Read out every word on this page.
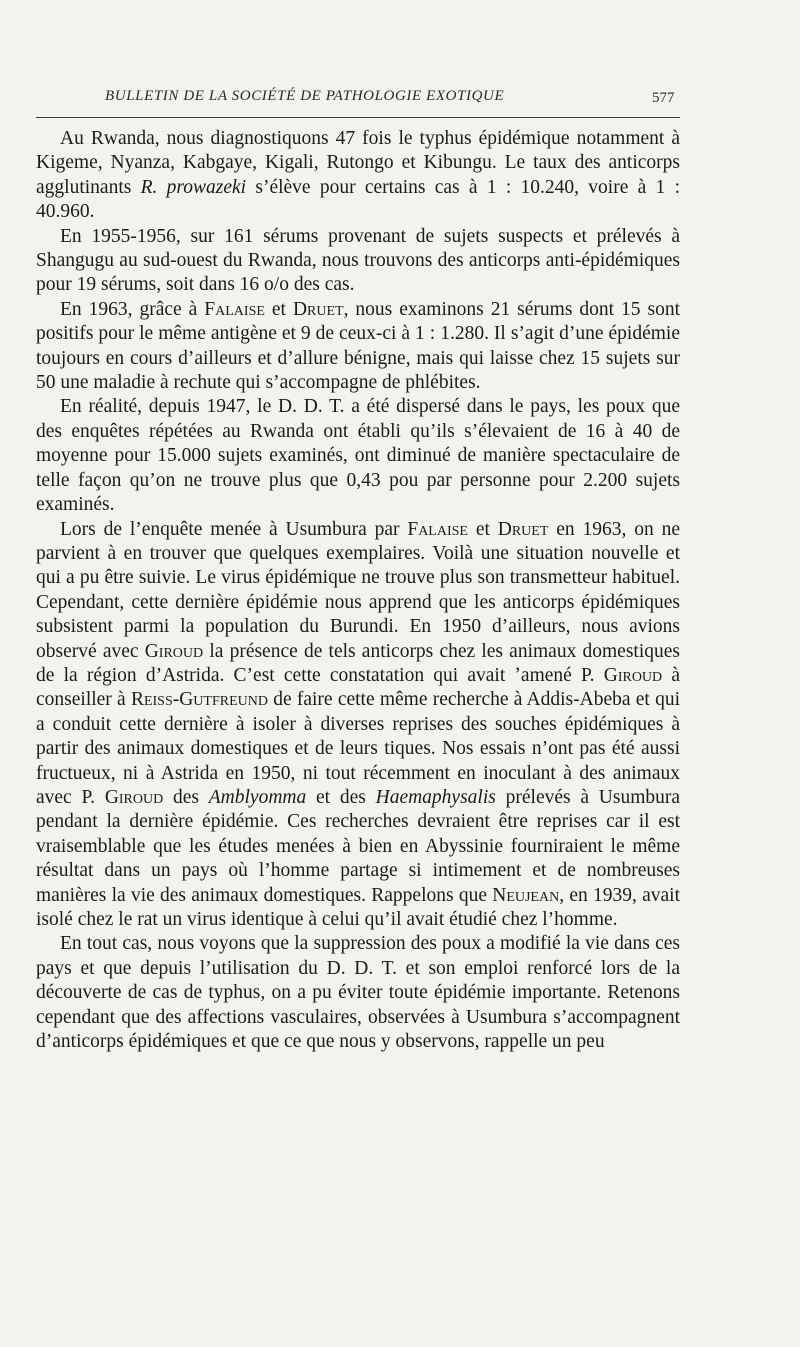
BULLETIN DE LA SOCIÉTÉ DE PATHOLOGIE EXOTIQUE	577

Au Rwanda, nous diagnostiquons 47 fois le typhus épidémique notamment à Kigeme, Nyanza, Kabgaye, Kigali, Rutongo et Kibungu. Le taux des anticorps agglutinants R. prowazeki s’élève pour certains cas à 1 : 10.240, voire à 1 : 40.960.

En 1955-1956, sur 161 sérums provenant de sujets suspects et prélevés à Shangugu au sud-ouest du Rwanda, nous trouvons des anticorps anti-épidémiques pour 19 sérums, soit dans 16 o/o des cas.

En 1963, grâce à Falaise et Druet, nous examinons 21 sérums dont 15 sont positifs pour le même antigène et 9 de ceux-ci à 1 : 1.280. Il s’agit d’une épidémie toujours en cours d’ailleurs et d’allure bénigne, mais qui laisse chez 15 sujets sur 50 une maladie à rechute qui s’accompagne de phlébites.

En réalité, depuis 1947, le D. D. T. a été dispersé dans le pays, les poux que des enquêtes répétées au Rwanda ont établi qu’ils s’élevaient de 16 à 40 de moyenne pour 15.000 sujets examinés, ont diminué de manière spectaculaire de telle façon qu’on ne trouve plus que 0,43 pou par personne pour 2.200 sujets examinés.

Lors de l’enquête menée à Usumbura par Falaise et Druet en 1963, on ne parvient à en trouver que quelques exemplaires. Voilà une situation nouvelle et qui a pu être suivie. Le virus épidémique ne trouve plus son transmetteur habituel. Cependant, cette dernière épidémie nous apprend que les anticorps épidémiques subsistent parmi la population du Burundi. En 1950 d’ailleurs, nous avions observé avec Giroud la présence de tels anticorps chez les animaux domestiques de la région d’Astrida. C’est cette constatation qui avait ʼamené P. Giroud à conseiller à Reiss-Gutfreund de faire cette même recherche à Addis-Abeba et qui a conduit cette dernière à isoler à diverses reprises des souches épidémiques à partir des animaux domestiques et de leurs tiques. Nos essais n’ont pas été aussi fructueux, ni à Astrida en 1950, ni tout récemment en inoculant à des animaux avec P. Giroud des Amblyomma et des Haemaphysalis prélevés à Usumbura pendant la dernière épidémie. Ces recherches devraient être reprises car il est vraisemblable que les études menées à bien en Abyssinie fourniraient le même résultat dans un pays où l’homme partage si intimement et de nombreuses manières la vie des animaux domestiques. Rappelons que Neujean, en 1939, avait isolé chez le rat un virus identique à celui qu’il avait étudié chez l’homme.

En tout cas, nous voyons que la suppression des poux a modifié la vie dans ces pays et que depuis l’utilisation du D. D. T. et son emploi renforcé lors de la découverte de cas de typhus, on a pu éviter toute épidémie importante. Retenons cependant que des affections vasculaires, observées à Usumbura s’accompagnent d’anticorps épidémiques et que ce que nous y observons, rappelle un peu
